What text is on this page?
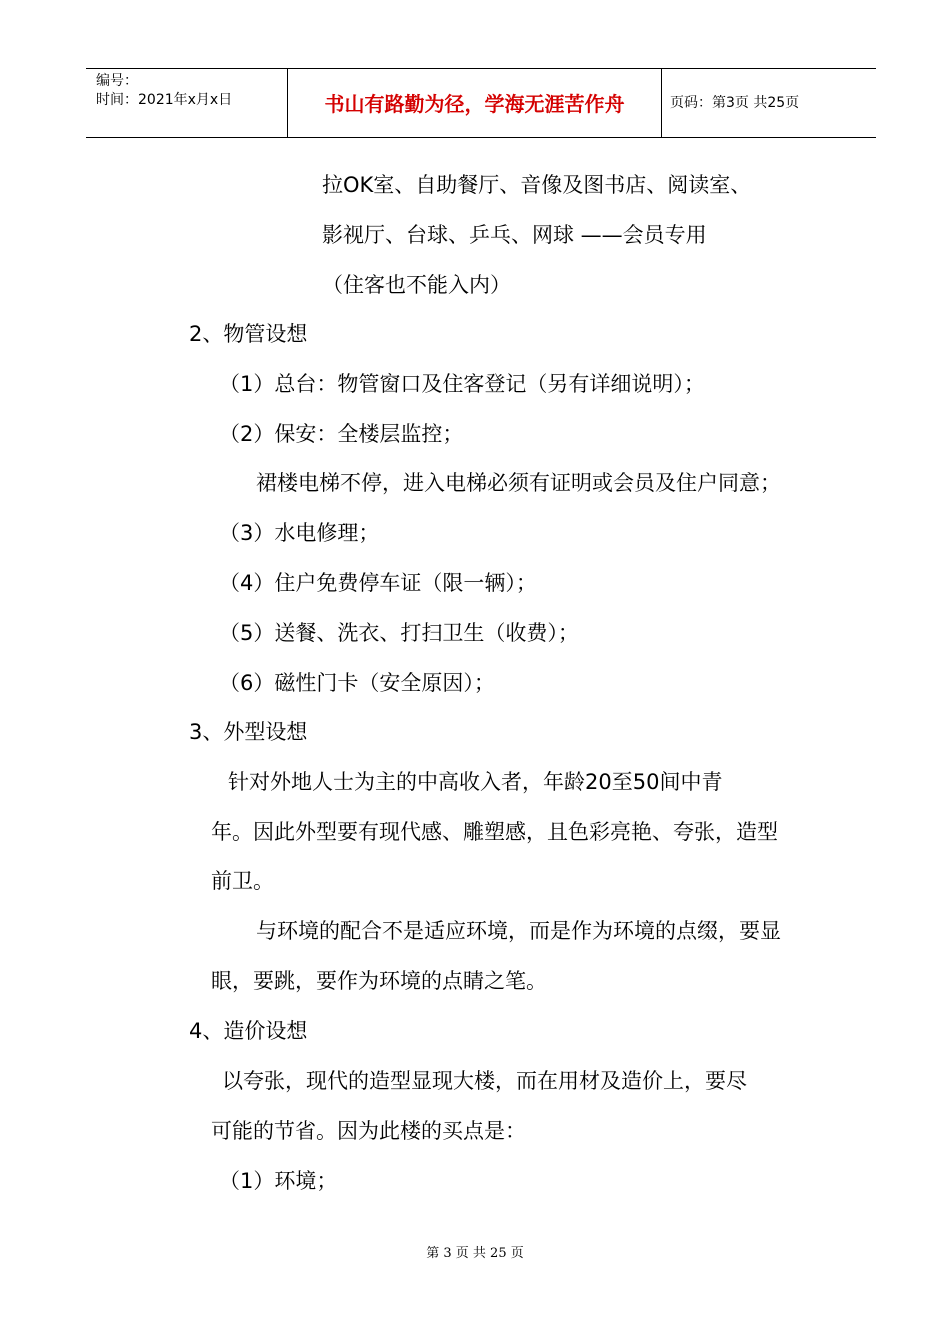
编号：
时间：2021年x月x日	书山有路勤为径，学海无涯苦作舟	页码：第3页 共25页
拉OK室、自助餐厅、音像及图书店、阅读室、
影视厅、台球、乒乓、网球 ——会员专用
（住客也不能入内）
2、物管设想
（1）总台：物管窗口及住客登记（另有详细说明）；
（2）保安：全楼层监控；
裙楼电梯不停，进入电梯必须有证明或会员及住户同意；
（3）水电修理；
（4）住户免费停车证（限一辆）；
（5）送餐、洗衣、打扫卫生（收费）；
（6）磁性门卡（安全原因）；
3、外型设想
针对外地人士为主的中高收入者，年龄20至50间中青
年。因此外型要有现代感、雕塑感，且色彩亮艳、夸张，造型
前卫。
与环境的配合不是适应环境，而是作为环境的点缀，要显
眼，要跳，要作为环境的点睛之笔。
4、造价设想
以夸张，现代的造型显现大楼，而在用材及造价上，要尽
可能的节省。因为此楼的买点是：
（1）环境；
第 3 页 共 25 页
